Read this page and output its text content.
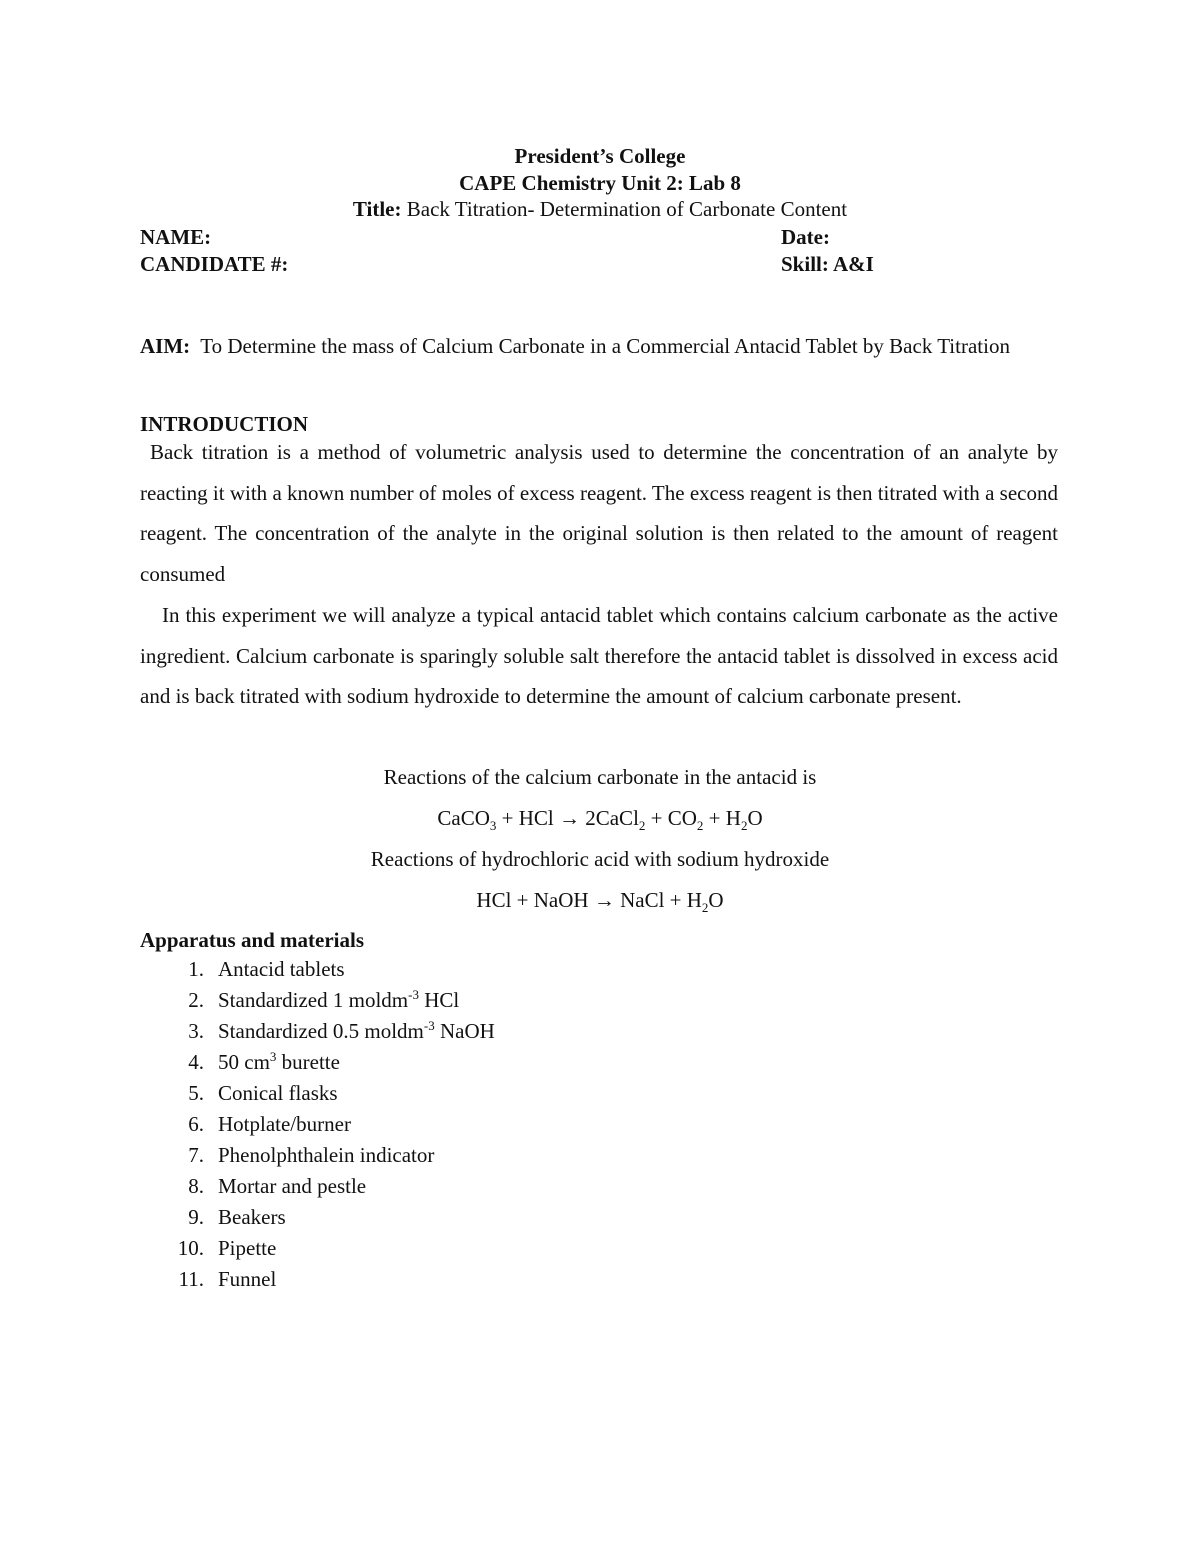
President’s College
CAPE Chemistry Unit 2: Lab 8
Title: Back Titration- Determination of Carbonate Content
NAME:	Date:
CANDIDATE #:	Skill: A&I
AIM: To Determine the mass of Calcium Carbonate in a Commercial Antacid Tablet by Back Titration
INTRODUCTION
Back titration is a method of volumetric analysis used to determine the concentration of an analyte by reacting it with a known number of moles of excess reagent. The excess reagent is then titrated with a second reagent. The concentration of the analyte in the original solution is then related to the amount of reagent consumed
In this experiment we will analyze a typical antacid tablet which contains calcium carbonate as the active ingredient. Calcium carbonate is sparingly soluble salt therefore the antacid tablet is dissolved in excess acid and is back titrated with sodium hydroxide to determine the amount of calcium carbonate present.
Reactions of the calcium carbonate in the antacid is
CaCO$_3$ + HCl → 2CaCl$_2$ + $CO_2 + H_2O$
Reactions of hydrochloric acid with sodium hydroxide
HCl + NaOH → NaCl + $H_2O$
Apparatus and materials
1. Antacid tablets
2. Standardized 1 moldm$^{-3}$ HCl
3. Standardized 0.5 moldm$^{-3}$ NaOH
4. 50 $cm^3$ burette
5. Conical flasks
6. Hotplate/burner
7. Phenolphthalein indicator
8. Mortar and pestle
9. Beakers
10. Pipette
11. Funnel
